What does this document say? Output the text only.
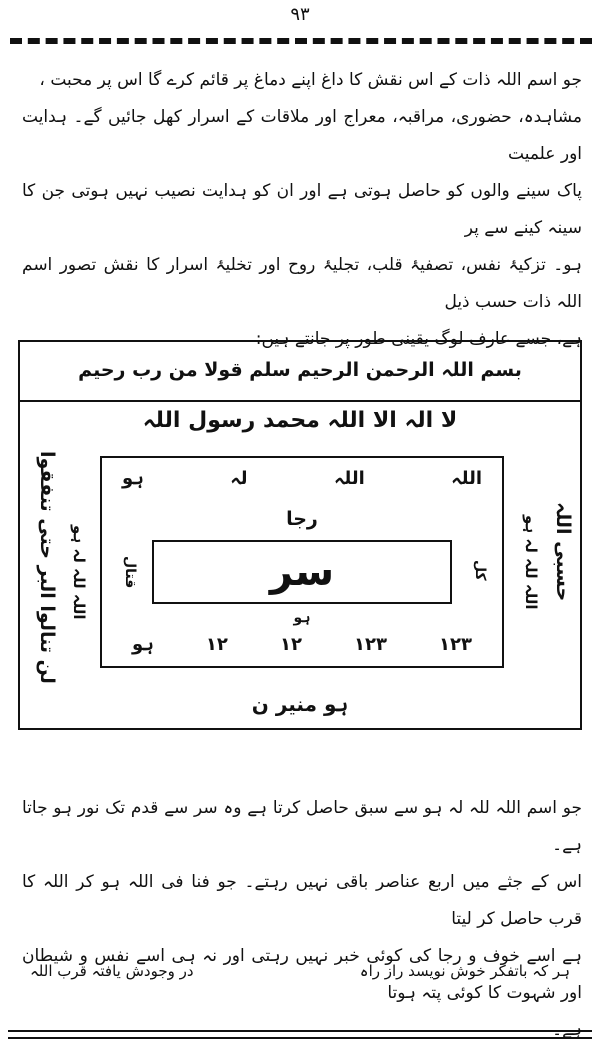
٩٣

جو اسم اللہ ذات کے اس نقش کا داغ اپنے دماغ پر قائم کرے گا اس پر محبت ،

مشاہدہ، حضوری، مراقبہ، معراج اور ملاقات کے اسرار کھل جائیں گے۔ ہدایت اور علمیت

پاک سینے والوں کو حاصل ہوتی ہے اور ان کو ہدایت نصیب نہیں ہوتی جن کا سینہ کینے سے پر

ہو۔ تزکیۂ نفس، تصفیۂ قلب، تجلیۂ روح اور تخلیۂ اسرار کا نقش تصور اسم اللہ ذات حسب ذیل

ہے، جسے عارف لوگ یقینی طور پر جانتے ہیں:

بسم اللہ الرحمن الرحیم سلم قولا من رب رحیم
لا الہ الا اللہ محمد رسول اللہ
لن تنالوا البر حتی تنفقوا	حسبی اللہ
اللہ
اللہ
لہ
ہو
رجا
قتال	کل
سر
ہو
۱۲۳
۱۲۳
۱۲
۱۲
ہو
اللہ للہ لہ ہو	اللہ للہ لہ ہو
ہو منیر ن

جو اسم اللہ للہ لہ ہو سے سبق حاصل کرتا ہے وہ سر سے قدم تک نور ہو جاتا ہے۔

اس کے جثے میں اربع عناصر باقی نہیں رہتے۔ جو فنا فی اللہ ہو کر اللہ کا قرب حاصل کر لیتا

ہے اسے خوف و رجا کی کوئی خبر نہیں رہتی اور نہ ہی اسے نفس و شیطان اور شہوت کا کوئی پتہ ہوتا

ہے۔

ہر کہ باتفکر خوش نویسد راز راہ
در وجودش یافتہ قرب اللہ
